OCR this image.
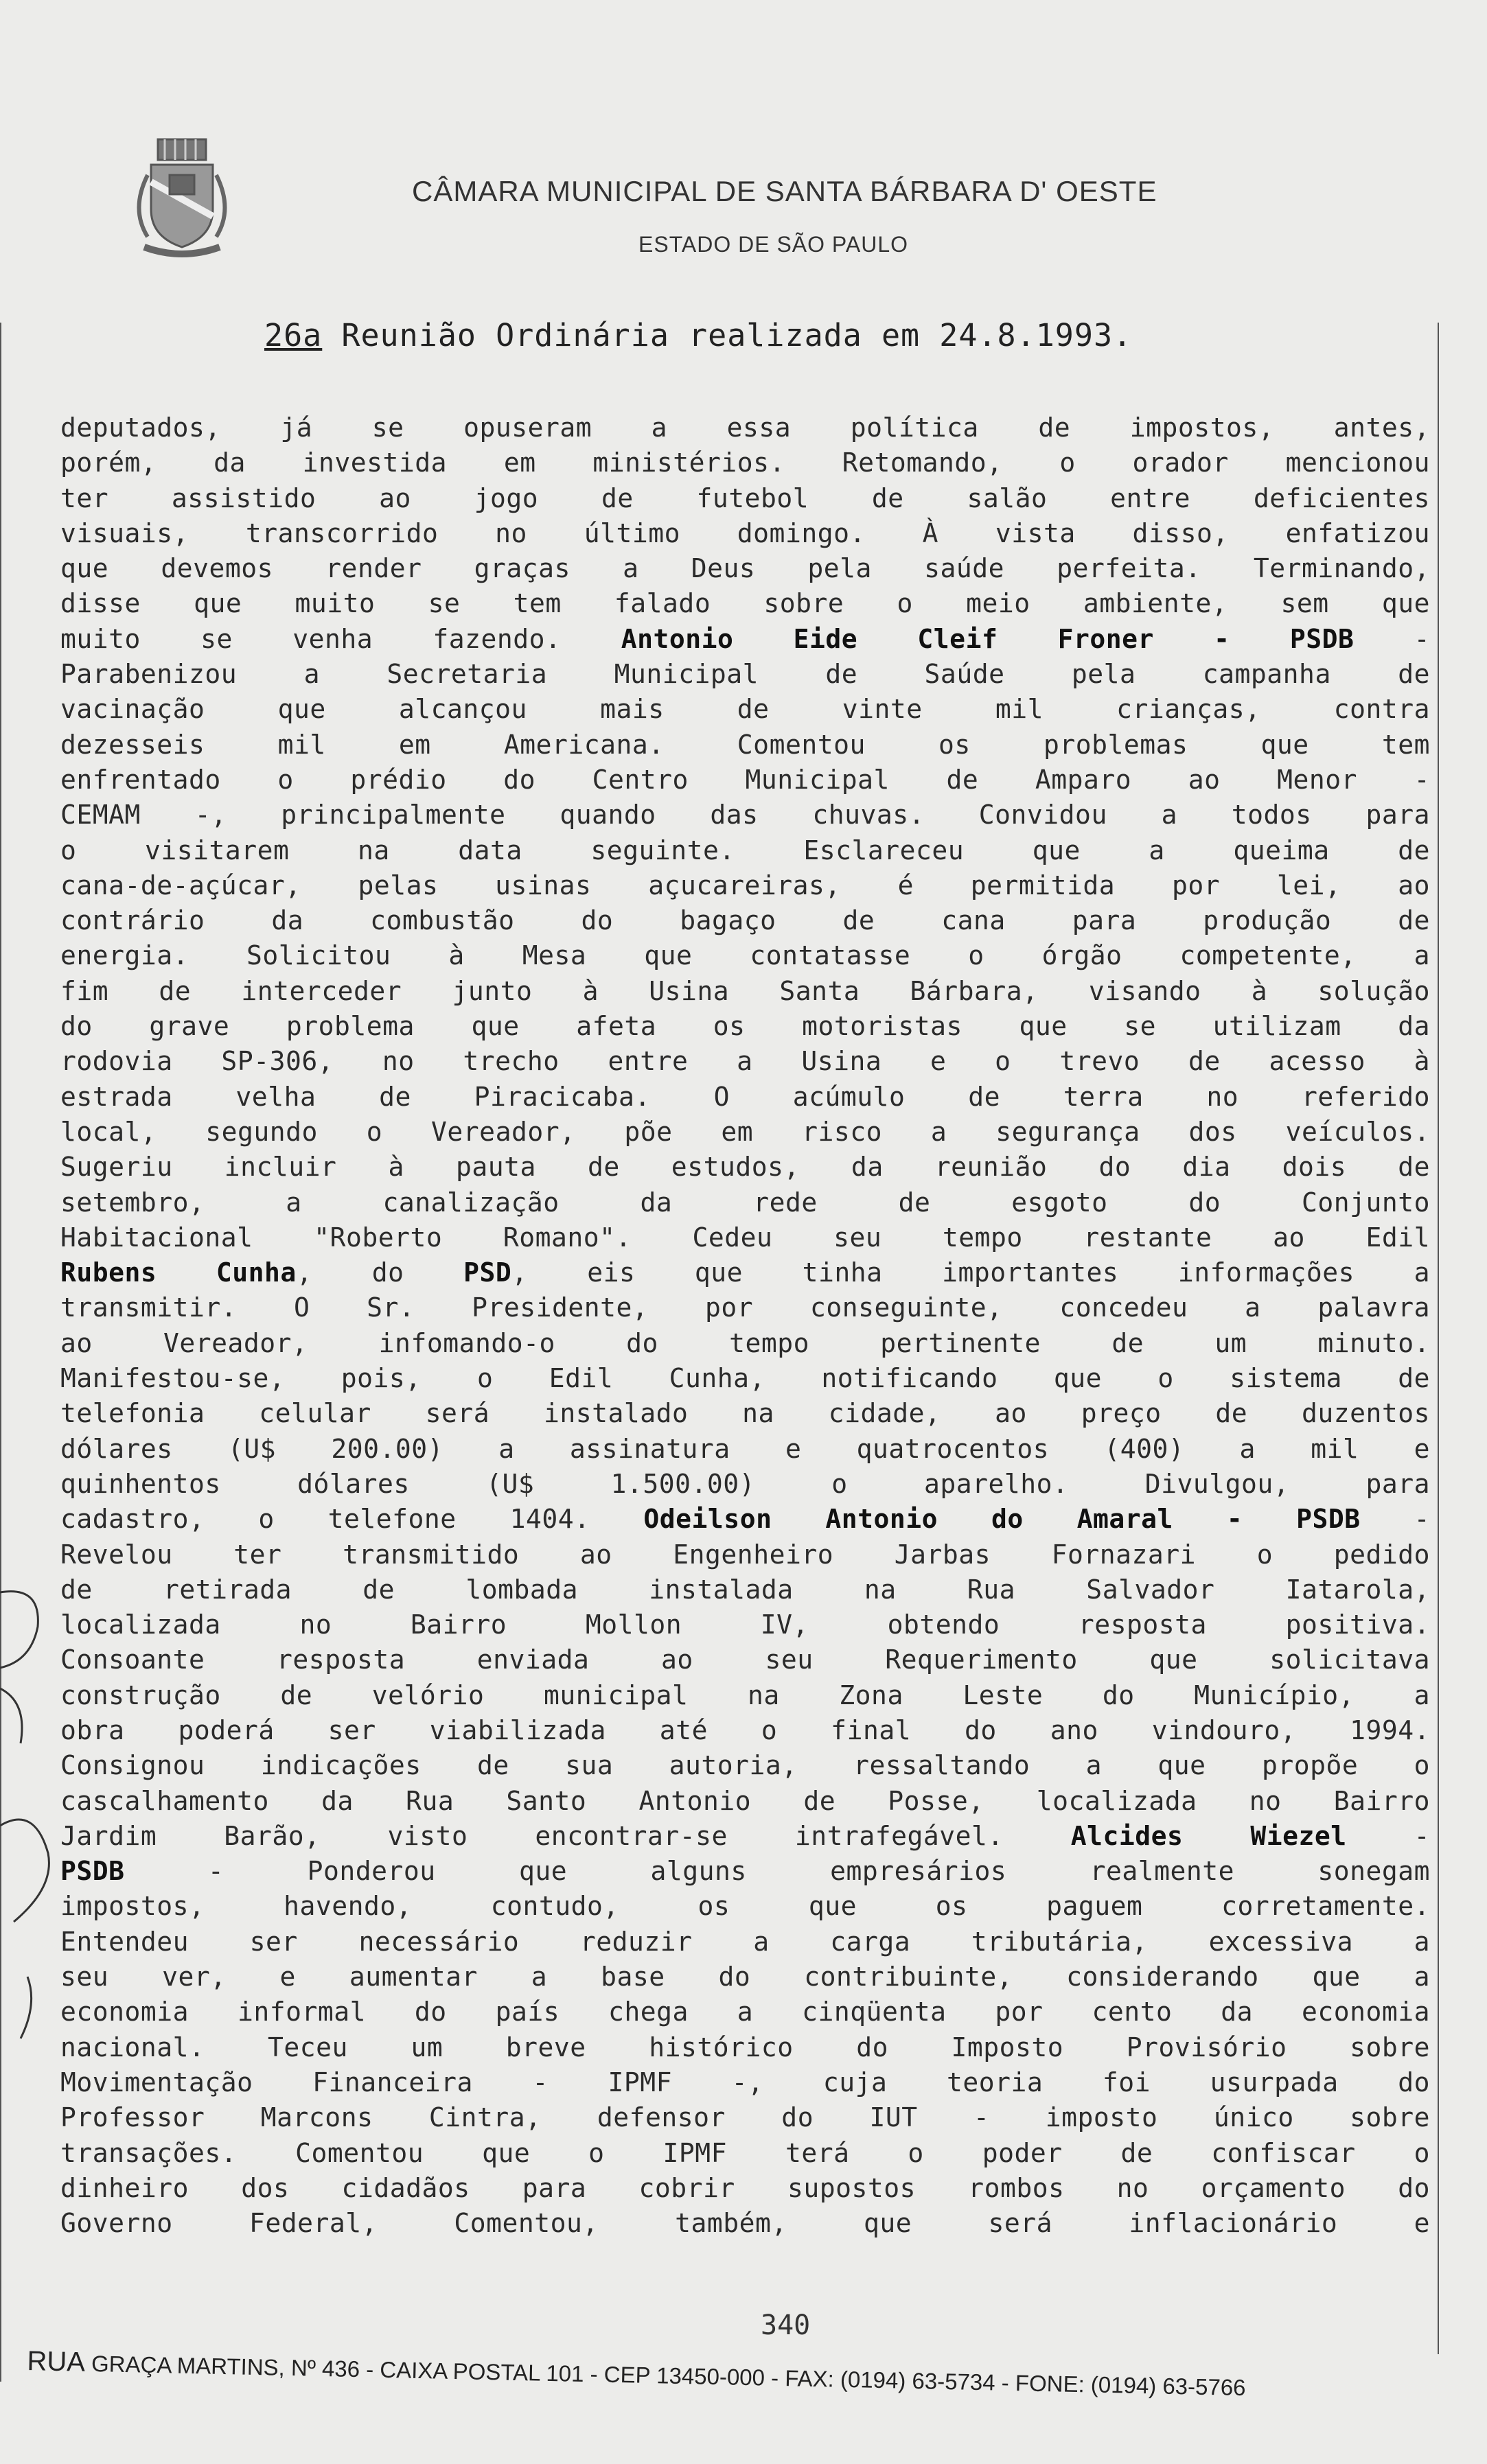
CÂMARA MUNICIPAL DE SANTA BÁRBARA D' OESTE
ESTADO DE SÃO PAULO
26a Reunião Ordinária realizada em 24.8.1993.
deputados, já se opuseram a essa política de impostos, antes,
porém, da investida em ministérios. Retomando, o orador mencionou
ter assistido ao jogo de futebol de salão entre deficientes
visuais, transcorrido no último domingo. À vista disso, enfatizou
que devemos render graças a Deus pela saúde perfeita. Terminando,
disse que muito se tem falado sobre o meio ambiente, sem que
muito se venha fazendo. Antonio Eide Cleif Froner - PSDB -
Parabenizou a Secretaria Municipal de Saúde pela campanha de
vacinação que alcançou mais de vinte mil crianças, contra
dezesseis mil em Americana. Comentou os problemas que tem
enfrentado o prédio do Centro Municipal de Amparo ao Menor -
CEMAM -, principalmente quando das chuvas. Convidou a todos para
o visitarem na data seguinte. Esclareceu que a queima de
cana-de-açúcar, pelas usinas açucareiras, é permitida por lei, ao
contrário da combustão do bagaço de cana para produção de
energia. Solicitou à Mesa que contatasse o órgão competente, a
fim de interceder junto à Usina Santa Bárbara, visando à solução
do grave problema que afeta os motoristas que se utilizam da
rodovia SP-306, no trecho entre a Usina e o trevo de acesso à
estrada velha de Piracicaba. O acúmulo de terra no referido
local, segundo o Vereador, põe em risco a segurança dos veículos.
Sugeriu incluir à pauta de estudos, da reunião do dia dois de
setembro, a canalização da rede de esgoto do Conjunto
Habitacional "Roberto Romano". Cedeu seu tempo restante ao Edil
Rubens Cunha, do PSD, eis que tinha importantes informações a
transmitir. O Sr. Presidente, por conseguinte, concedeu a palavra
ao Vereador, infomando-o do tempo pertinente de um minuto.
Manifestou-se, pois, o Edil Cunha, notificando que o sistema de
telefonia celular será instalado na cidade, ao preço de duzentos
dólares (U$ 200.00) a assinatura e quatrocentos (400) a mil e
quinhentos dólares (U$ 1.500.00) o aparelho. Divulgou, para
cadastro, o telefone 1404. Odeilson Antonio do Amaral - PSDB -
Revelou ter transmitido ao Engenheiro Jarbas Fornazari o pedido
de retirada de lombada instalada na Rua Salvador Iatarola,
localizada no Bairro Mollon IV, obtendo resposta positiva.
Consoante resposta enviada ao seu Requerimento que solicitava
construção de velório municipal na Zona Leste do Município, a
obra poderá ser viabilizada até o final do ano vindouro, 1994.
Consignou indicações de sua autoria, ressaltando a que propõe o
cascalhamento da Rua Santo Antonio de Posse, localizada no Bairro
Jardim Barão, visto encontrar-se intrafegável. Alcides Wiezel -
PSDB - Ponderou que alguns empresários realmente sonegam
impostos, havendo, contudo, os que os paguem corretamente.
Entendeu ser necessário reduzir a carga tributária, excessiva a
seu ver, e aumentar a base do contribuinte, considerando que a
economia informal do país chega a cinqüenta por cento da economia
nacional. Teceu um breve histórico do Imposto Provisório sobre
Movimentação Financeira - IPMF -, cuja teoria foi usurpada do
Professor Marcons Cintra, defensor do IUT - imposto único sobre
transações. Comentou que o IPMF terá o poder de confiscar o
dinheiro dos cidadãos para cobrir supostos rombos no orçamento do
Governo Federal, Comentou, também, que será inflacionário e
340
RUA GRAÇA MARTINS, Nº 436 - CAIXA POSTAL 101 - CEP 13450-000 - FAX: (0194) 63-5734 - FONE: (0194) 63-5766
